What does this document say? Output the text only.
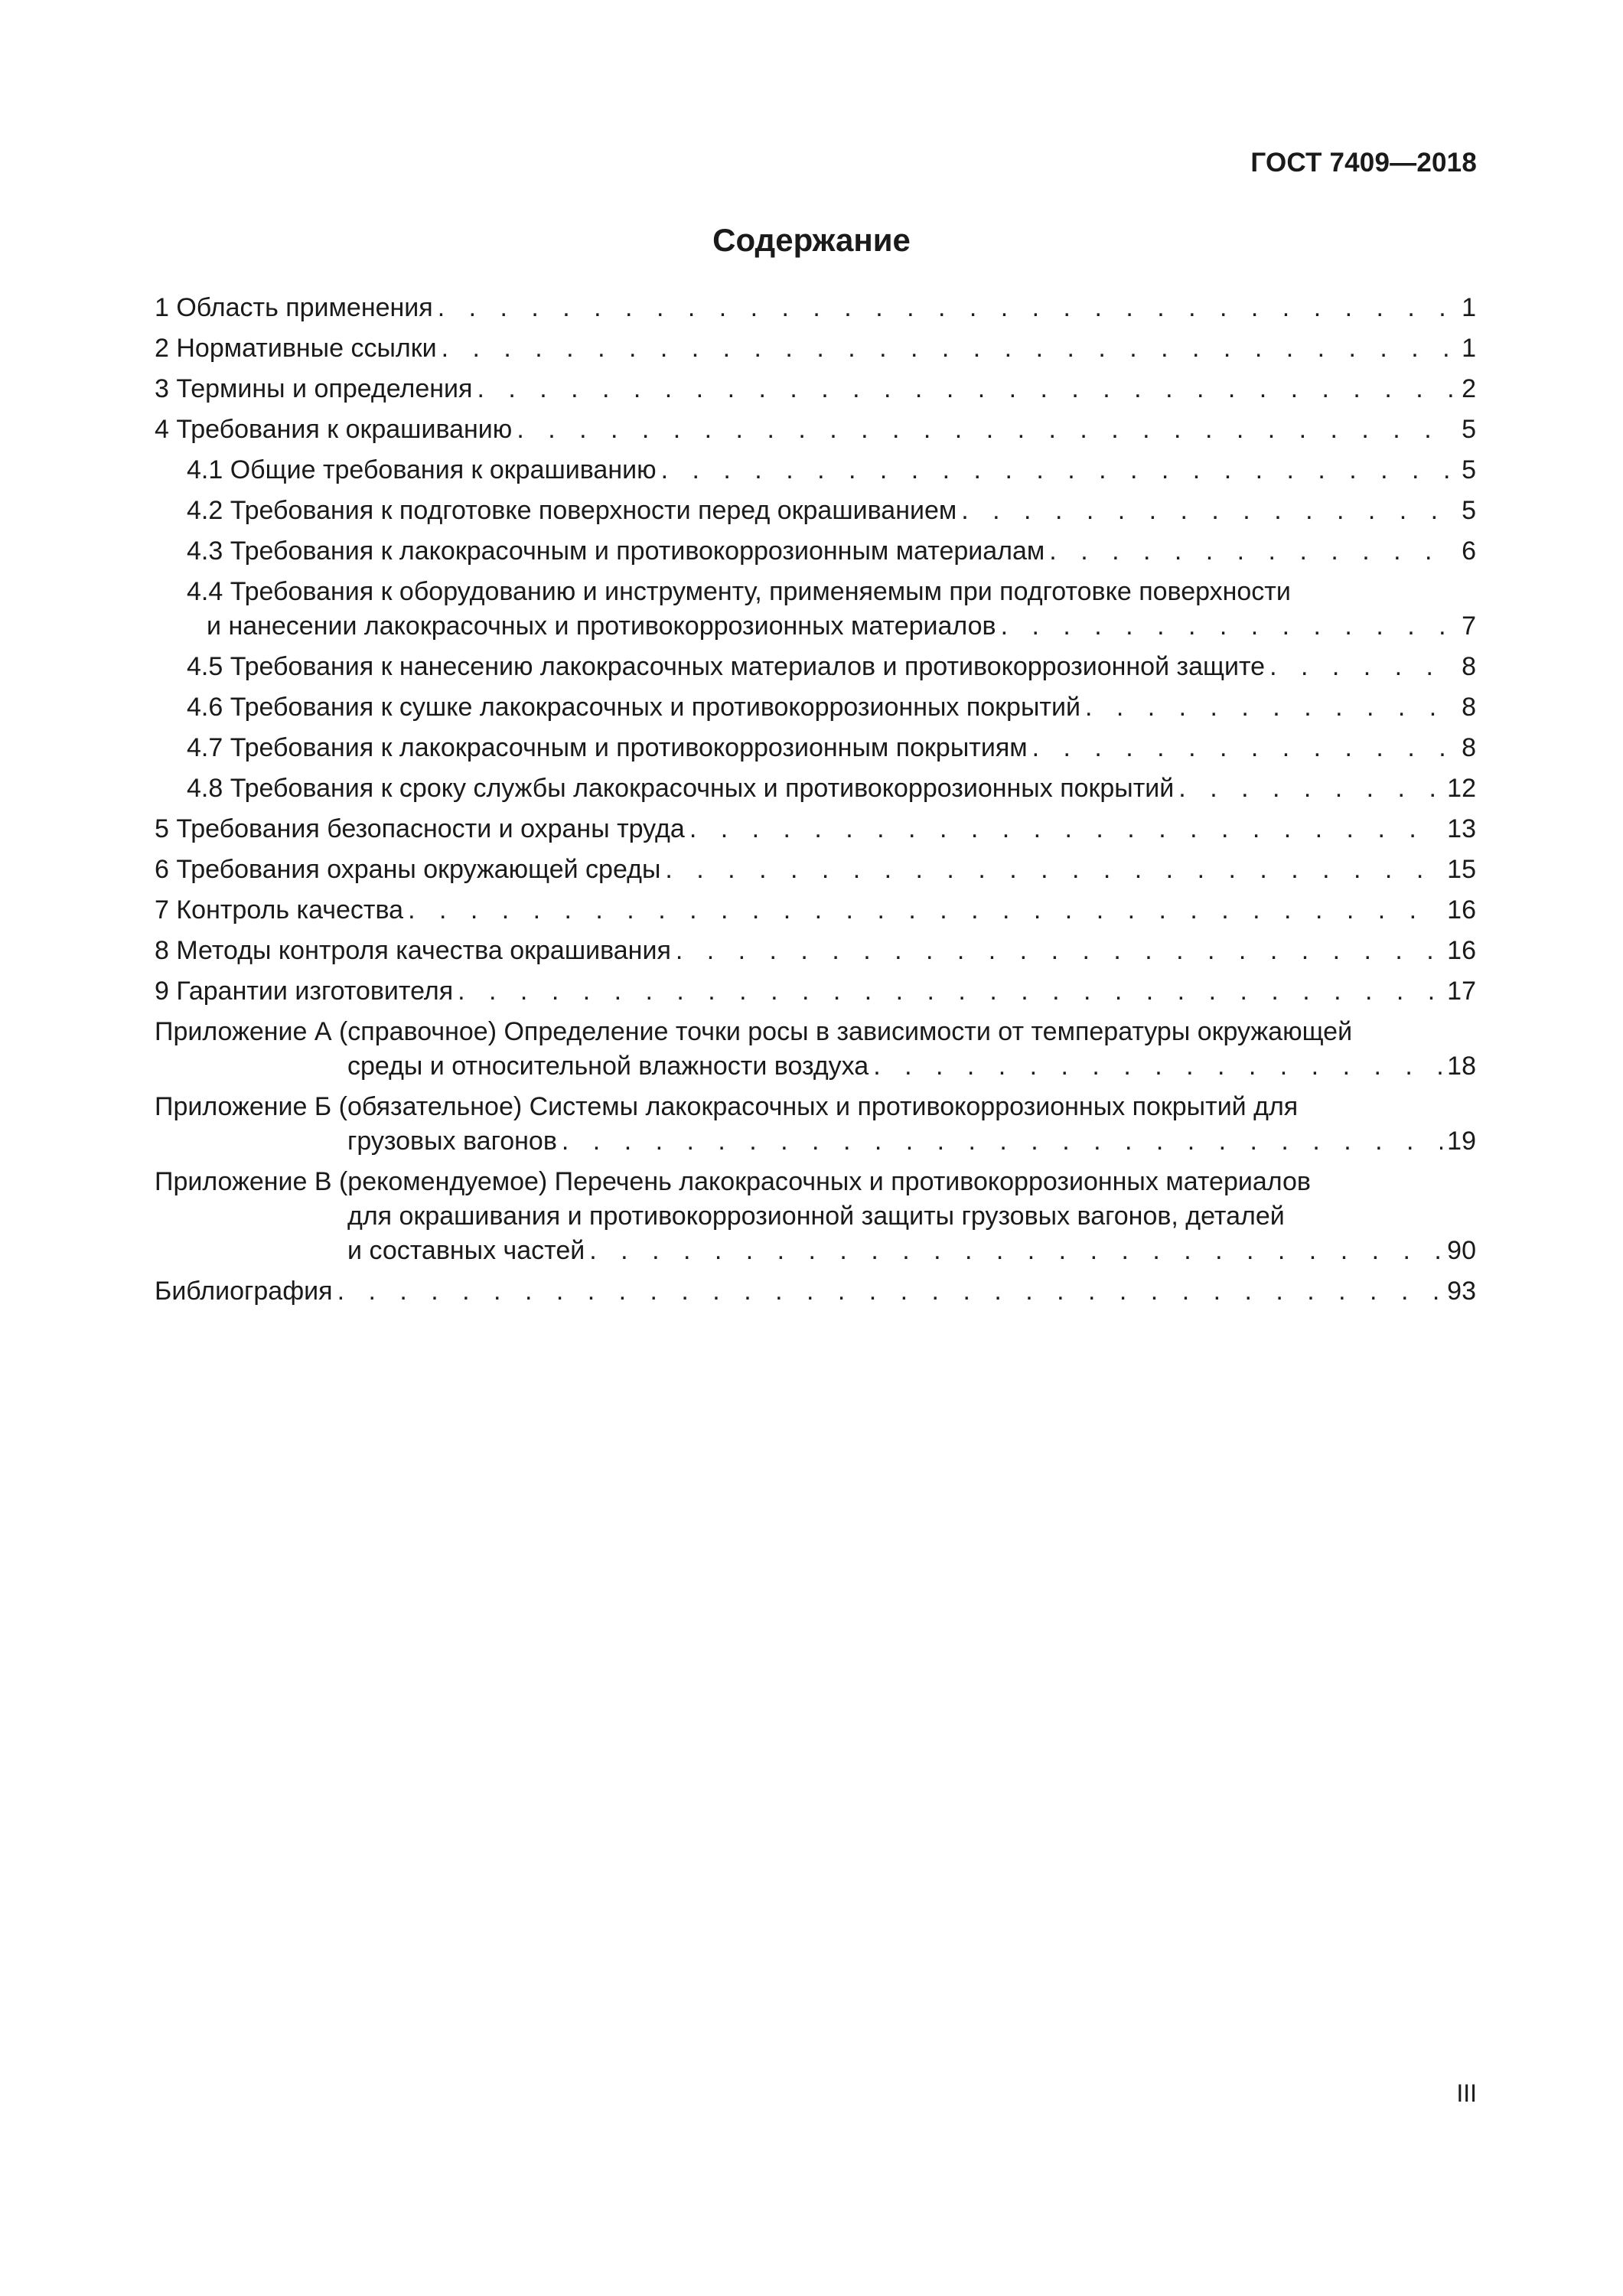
ГОСТ 7409—2018
Содержание
1 Область применения . . .	1
2 Нормативные ссылки . . .	1
3 Термины и определения . . .	2
4 Требования к окрашиванию . . .	5
4.1 Общие требования к окрашиванию . . .	5
4.2 Требования к подготовке поверхности перед окрашиванием . . .	5
4.3 Требования к лакокрасочным и противокоррозионным материалам . . .	6
4.4 Требования к оборудованию и инструменту, применяемым при подготовке поверхности
и нанесении лакокрасочных и противокоррозионных материалов . . .	7
4.5 Требования к нанесению лакокрасочных материалов и противокоррозионной защите . . .	8
4.6 Требования к сушке лакокрасочных и противокоррозионных покрытий . . .	8
4.7 Требования к лакокрасочным и противокоррозионным покрытиям . . .	8
4.8 Требования к сроку службы лакокрасочных и противокоррозионных покрытий . . .	12
5 Требования безопасности и охраны труда . . .	13
6 Требования охраны окружающей среды . . .	15
7 Контроль качества . . .	16
8 Методы контроля качества окрашивания . . .	16
9 Гарантии изготовителя . . .	17
Приложение А (справочное) Определение точки росы в зависимости от температуры окружающей
среды и относительной влажности воздуха . . .	18
Приложение Б (обязательное) Системы лакокрасочных и противокоррозионных покрытий для
грузовых вагонов . . .	19
Приложение В (рекомендуемое) Перечень лакокрасочных и противокоррозионных материалов
для окрашивания и противокоррозионной защиты грузовых вагонов, деталей
и составных частей . . .	90
Библиография . . .	93
III
